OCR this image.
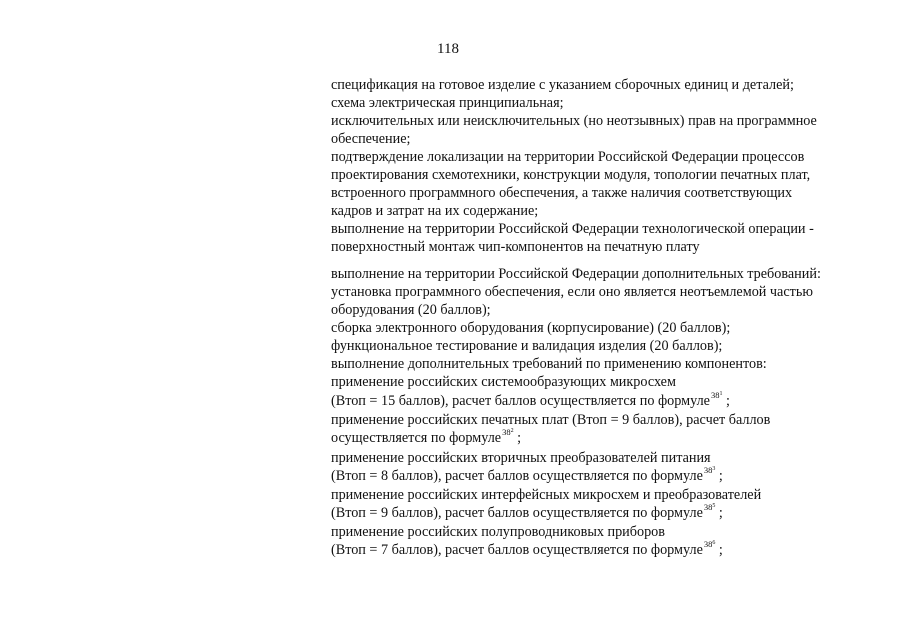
118
спецификация на готовое изделие с указанием сборочных единиц и деталей;
схема электрическая принципиальная;
исключительных или неисключительных (но неотзывных) прав на программное
обеспечение;
подтверждение локализации на территории Российской Федерации процессов
проектирования схемотехники, конструкции модуля, топологии печатных плат,
встроенного программного обеспечения, а также наличия соответствующих
кадров и затрат на их содержание;
выполнение на территории Российской Федерации технологической операции -
поверхностный монтаж чип-компонентов на печатную плату
выполнение на территории Российской Федерации дополнительных требований:
установка программного обеспечения, если оно является неотъемлемой частью
оборудования (20 баллов);
сборка электронного оборудования (корпусирование) (20 баллов);
функциональное тестирование и валидация изделия (20 баллов);
выполнение дополнительных требований по применению компонентов:
применение российских системообразующих микросхем
(Втоп = 15 баллов), расчет баллов осуществляется по формуле$^{38^1}$ ;
применение российских печатных плат (Втоп = 9 баллов), расчет баллов
осуществляется по формуле$^{38^2}$ ;
применение российских вторичных преобразователей питания
(Втоп = 8 баллов), расчет баллов осуществляется по формуле$^{38^3}$ ;
применение российских интерфейсных микросхем и преобразователей
(Втоп = 9 баллов), расчет баллов осуществляется по формуле$^{38^5}$ ;
применение российских полупроводниковых приборов
(Втоп = 7 баллов), расчет баллов осуществляется по формуле$^{38^6}$ ;
